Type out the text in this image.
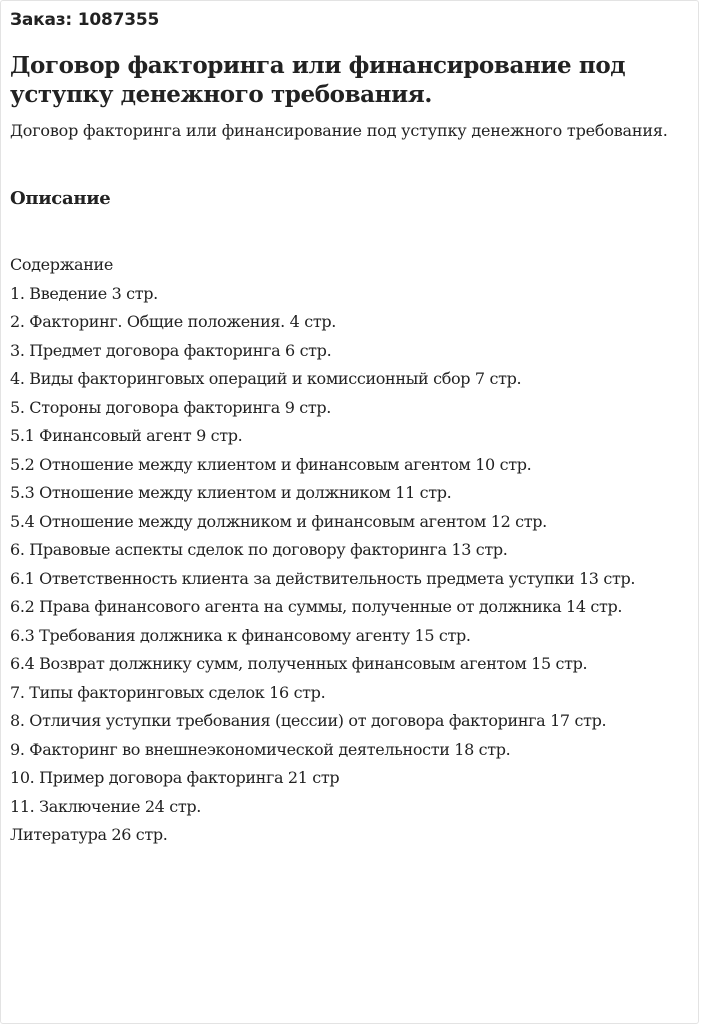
Заказ: 1087355
Договор факторинга или финансирование под уступку денежного требования.
Договор факторинга или финансирование под уступку денежного требования.
Описание
Содержание
1. Введение 3 стр.
2. Факторинг. Общие положения. 4 стр.
3. Предмет договора факторинга 6 стр.
4. Виды факторинговых операций и комиссионный сбор 7 стр.
5. Стороны договора факторинга 9 стр.
5.1 Финансовый агент 9 стр.
5.2 Отношение между клиентом и финансовым агентом 10 стр.
5.3 Отношение между клиентом и должником 11 стр.
5.4 Отношение между должником и финансовым агентом 12 стр.
6. Правовые аспекты сделок по договору факторинга 13 стр.
6.1 Ответственность клиента за действительность предмета уступки 13 стр.
6.2 Права финансового агента на суммы, полученные от должника 14 стр.
6.3 Требования должника к финансовому агенту 15 стр.
6.4 Возврат должнику сумм, полученных финансовым агентом 15 стр.
7. Типы факторинговых сделок 16 стр.
8. Отличия уступки требования (цессии) от договора факторинга 17 стр.
9. Факторинг во внешнеэкономической деятельности 18 стр.
10. Пример договора факторинга 21 стр
11. Заключение 24 стр.
Литература 26 стр.
